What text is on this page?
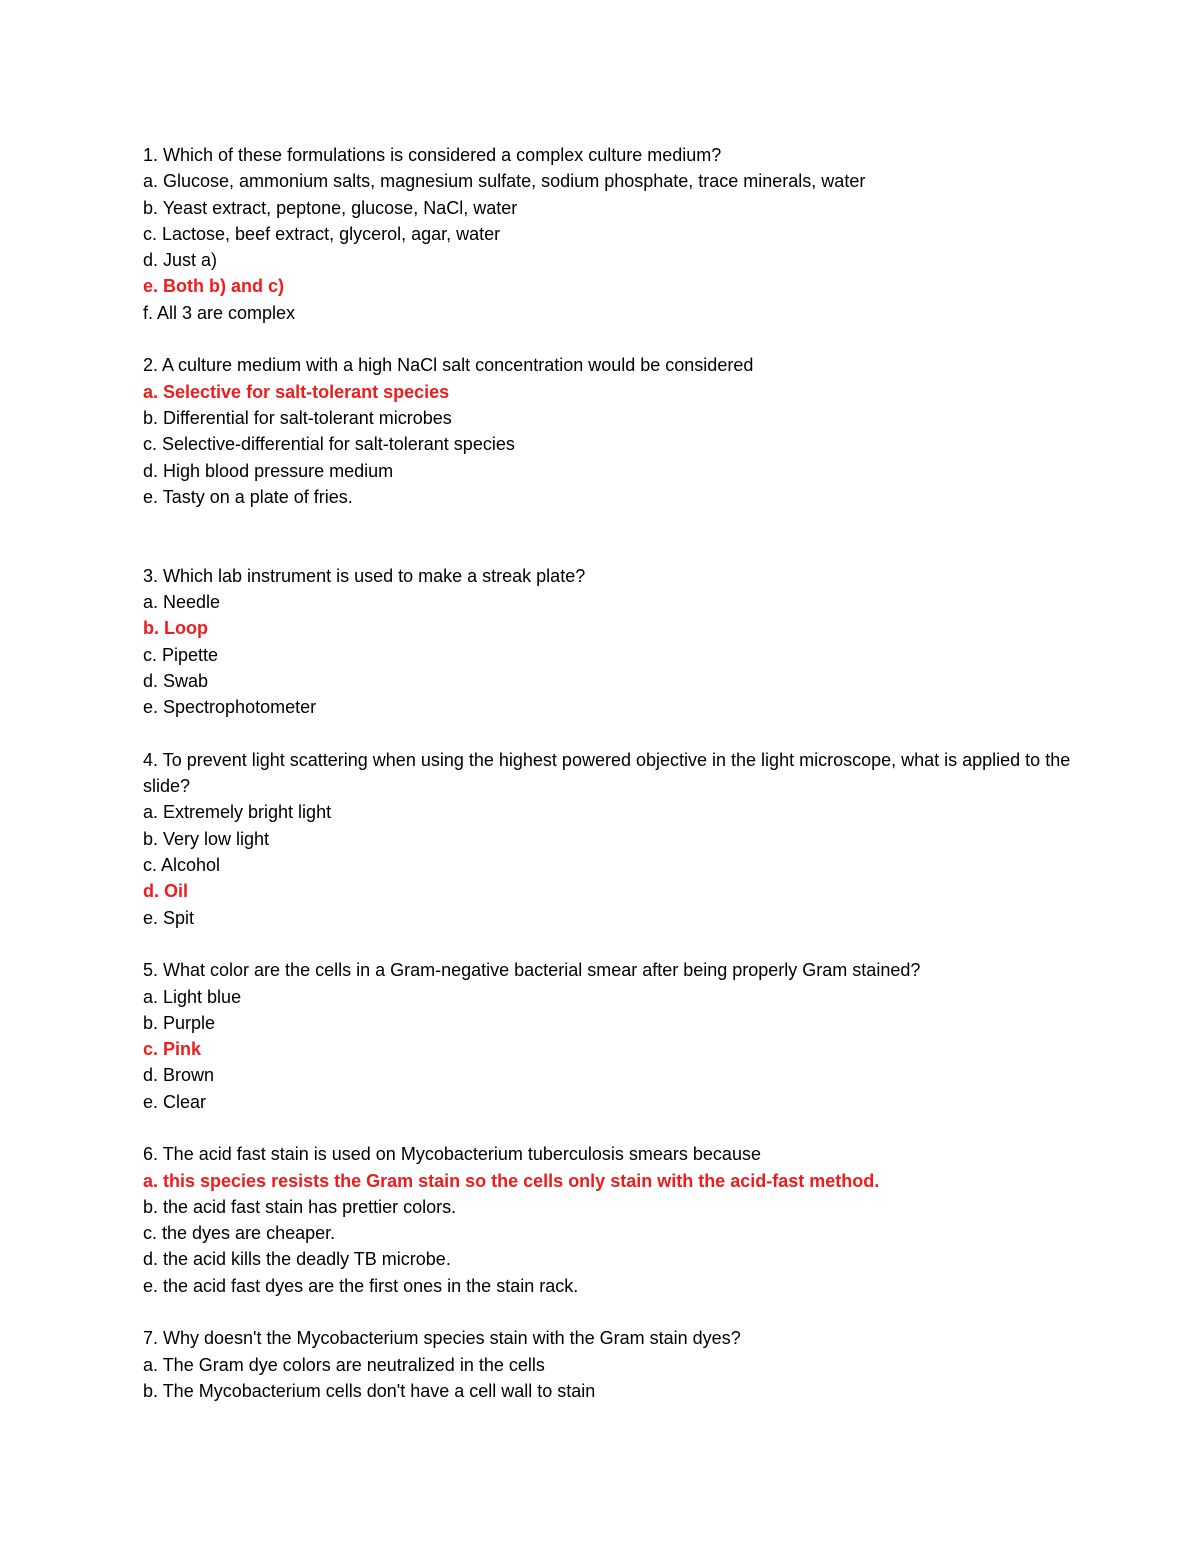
1. Which of these formulations is considered a complex culture medium?
a. Glucose, ammonium salts, magnesium sulfate, sodium phosphate, trace minerals, water
b. Yeast extract, peptone, glucose, NaCl, water
c. Lactose, beef extract, glycerol, agar, water
d. Just a)
e. Both b) and c)
f. All 3 are complex
2. A culture medium with a high NaCl salt concentration would be considered
a. Selective for salt-tolerant species
b. Differential for salt-tolerant microbes
c. Selective-differential for salt-tolerant species
d. High blood pressure medium
e. Tasty on a plate of fries.
3. Which lab instrument is used to make a streak plate?
a. Needle
b. Loop
c. Pipette
d. Swab
e. Spectrophotometer
4. To prevent light scattering when using the highest powered objective in the light microscope, what is applied to the slide?
a. Extremely bright light
b. Very low light
c. Alcohol
d. Oil
e. Spit
5. What color are the cells in a Gram-negative bacterial smear after being properly Gram stained?
a. Light blue
b. Purple
c. Pink
d. Brown
e. Clear
6. The acid fast stain is used on Mycobacterium tuberculosis smears because
a. this species resists the Gram stain so the cells only stain with the acid-fast method.
b. the acid fast stain has prettier colors.
c. the dyes are cheaper.
d. the acid kills the deadly TB microbe.
e. the acid fast dyes are the first ones in the stain rack.
7. Why doesn't the Mycobacterium species stain with the Gram stain dyes?
a. The Gram dye colors are neutralized in the cells
b. The Mycobacterium cells don't have a cell wall to stain
